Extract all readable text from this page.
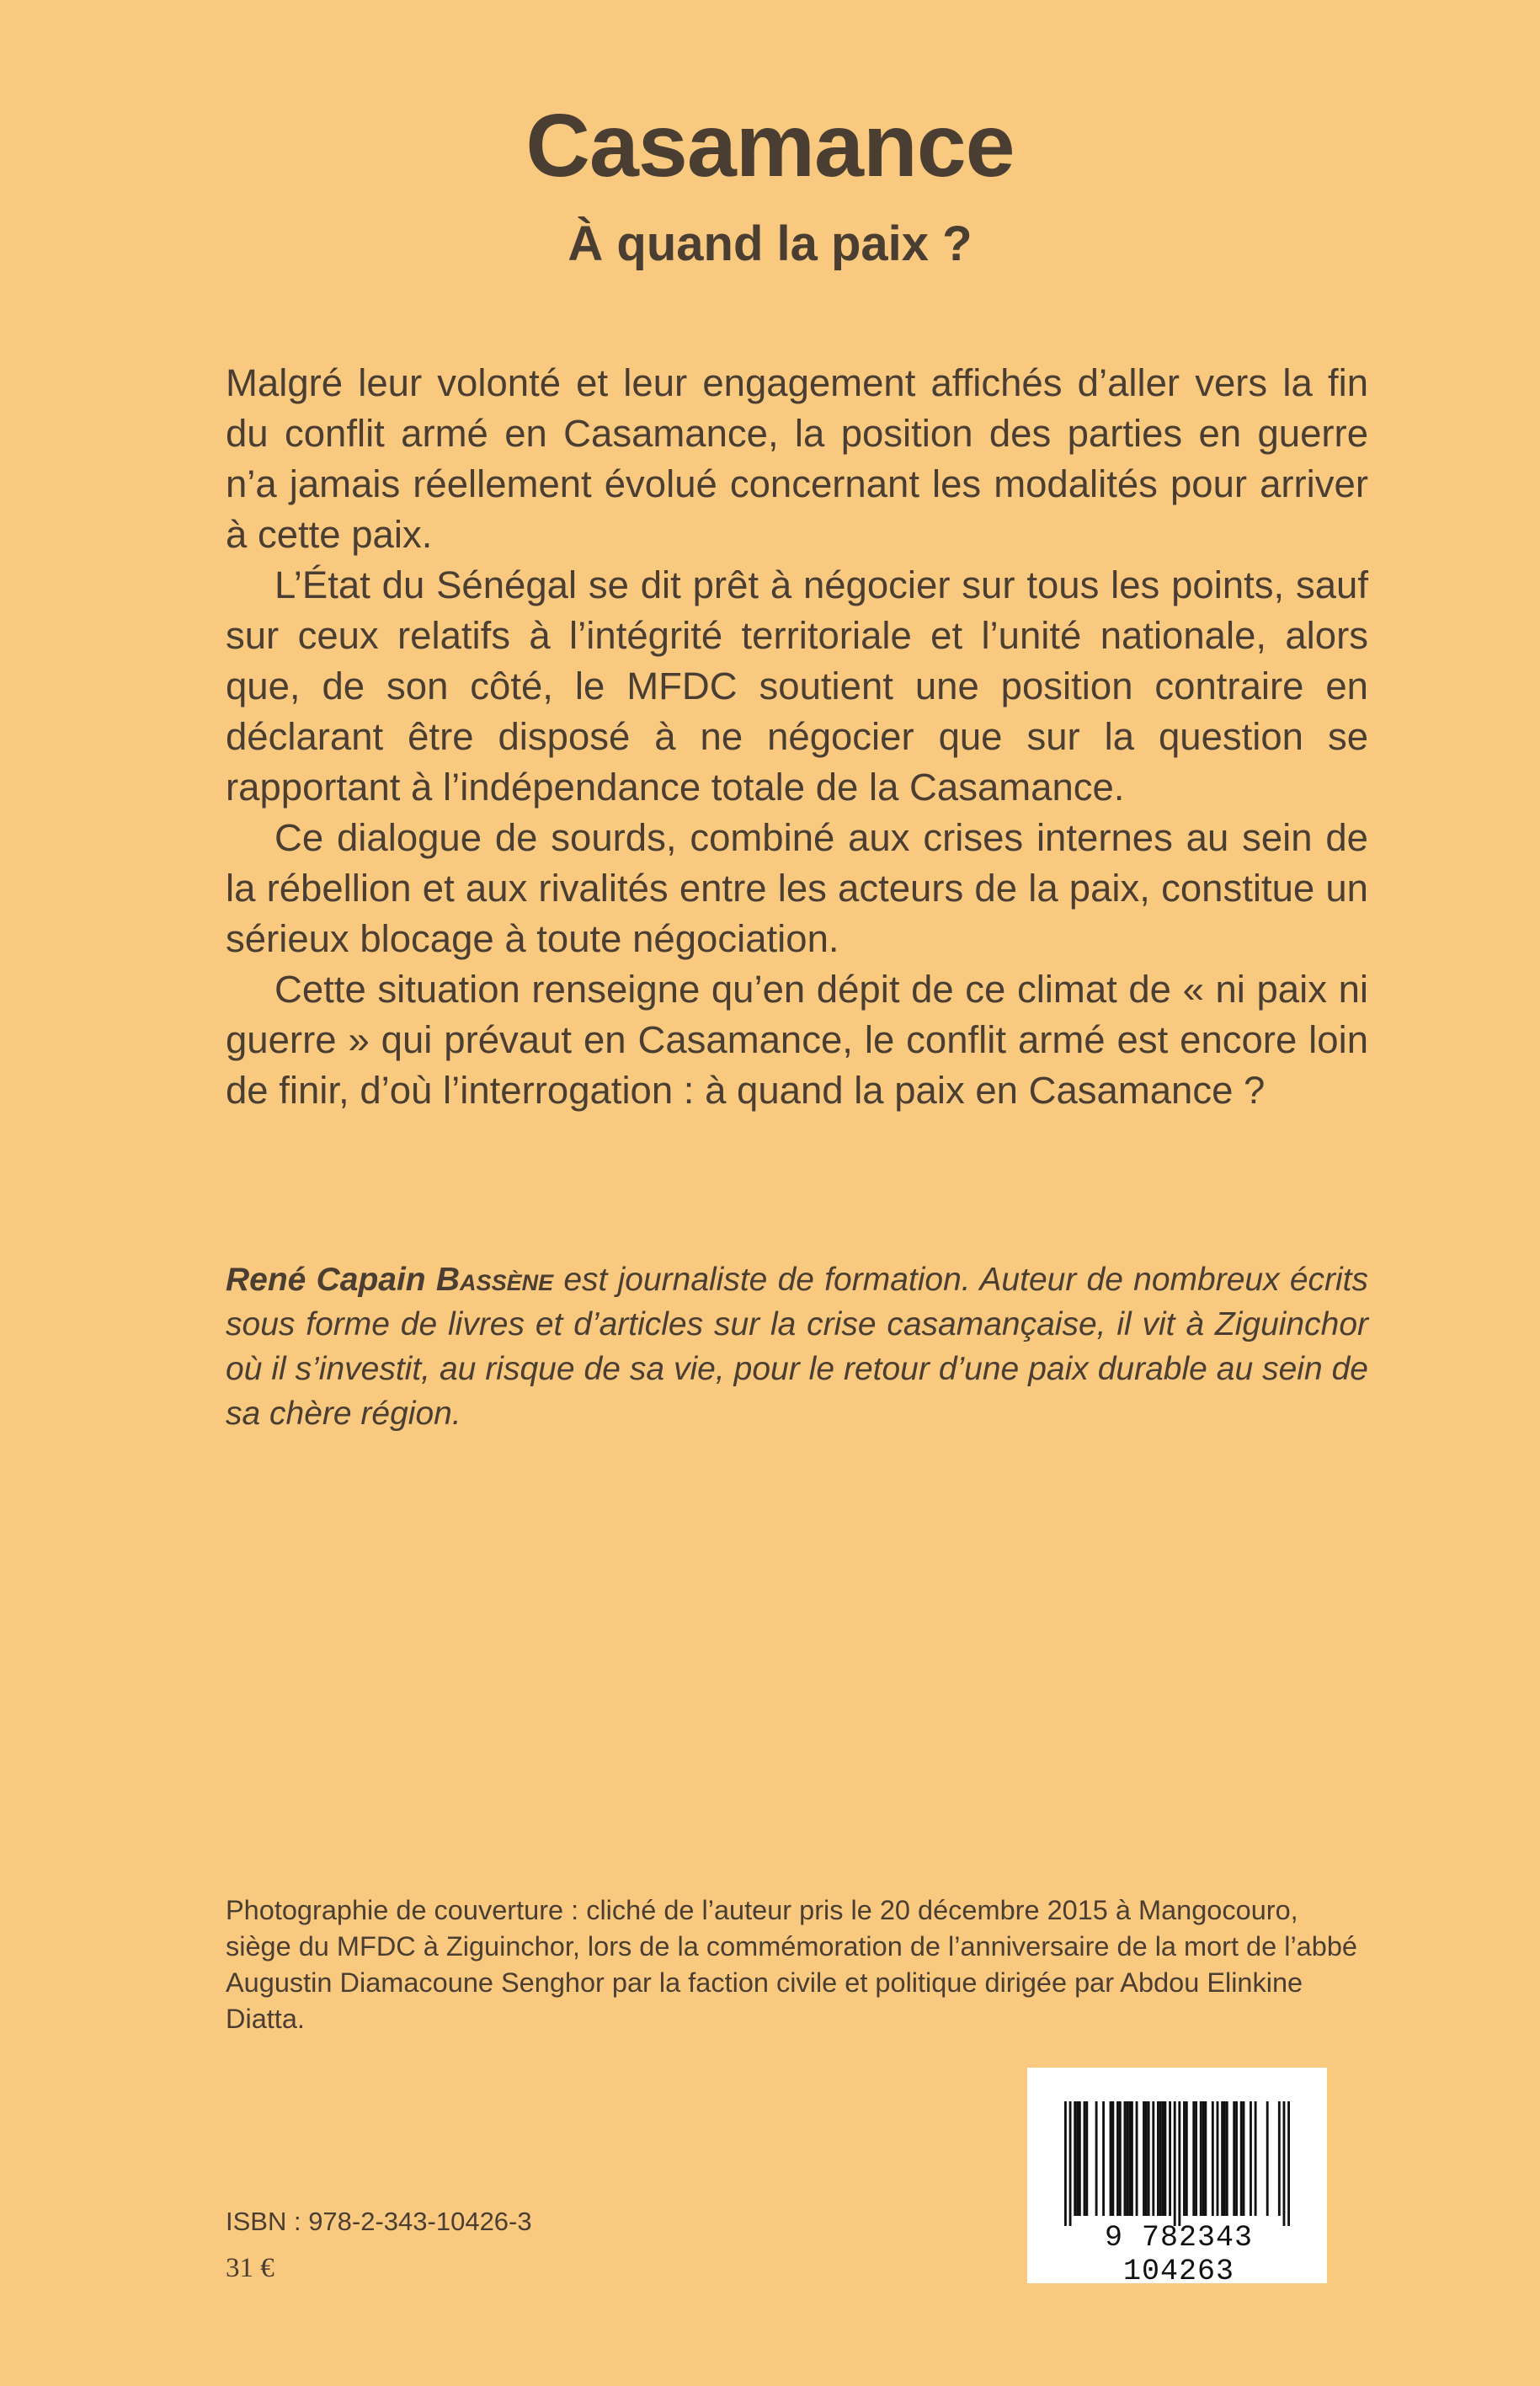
Casamance
À quand la paix ?

Malgré leur volonté et leur engagement affichés d’aller vers la fin du conflit armé en Casamance, la position des parties en guerre n’a jamais réellement évolué concernant les modalités pour arriver à cette paix.

L’État du Sénégal se dit prêt à négocier sur tous les points, sauf sur ceux relatifs à l’intégrité territoriale et l’unité nationale, alors que, de son côté, le MFDC soutient une position contraire en déclarant être disposé à ne négocier que sur la question se rapportant à l’indépendance totale de la Casamance.

Ce dialogue de sourds, combiné aux crises internes au sein de la rébellion et aux rivalités entre les acteurs de la paix, constitue un sérieux blocage à toute négociation.

Cette situation renseigne qu’en dépit de ce climat de « ni paix ni guerre » qui prévaut en Casamance, le conflit armé est encore loin de finir, d’où l’interrogation : à quand la paix en Casamance ?

René Capain Bassène est journaliste de formation. Auteur de nombreux écrits sous forme de livres et d’articles sur la crise casamançaise, il vit à Ziguinchor où il s’investit, au risque de sa vie, pour le retour d’une paix durable au sein de sa chère région.

Photographie de couverture : cliché de l’auteur pris le 20 décembre 2015 à Mangocouro, siège du MFDC à Ziguinchor, lors de la commémoration de l’anniversaire de la mort de l’abbé Augustin Diamacoune Senghor par la faction civile et politique dirigée par Abdou Elinkine Diatta.

ISBN : 978-2-343-10426-3

31 €

9 782343 104263
